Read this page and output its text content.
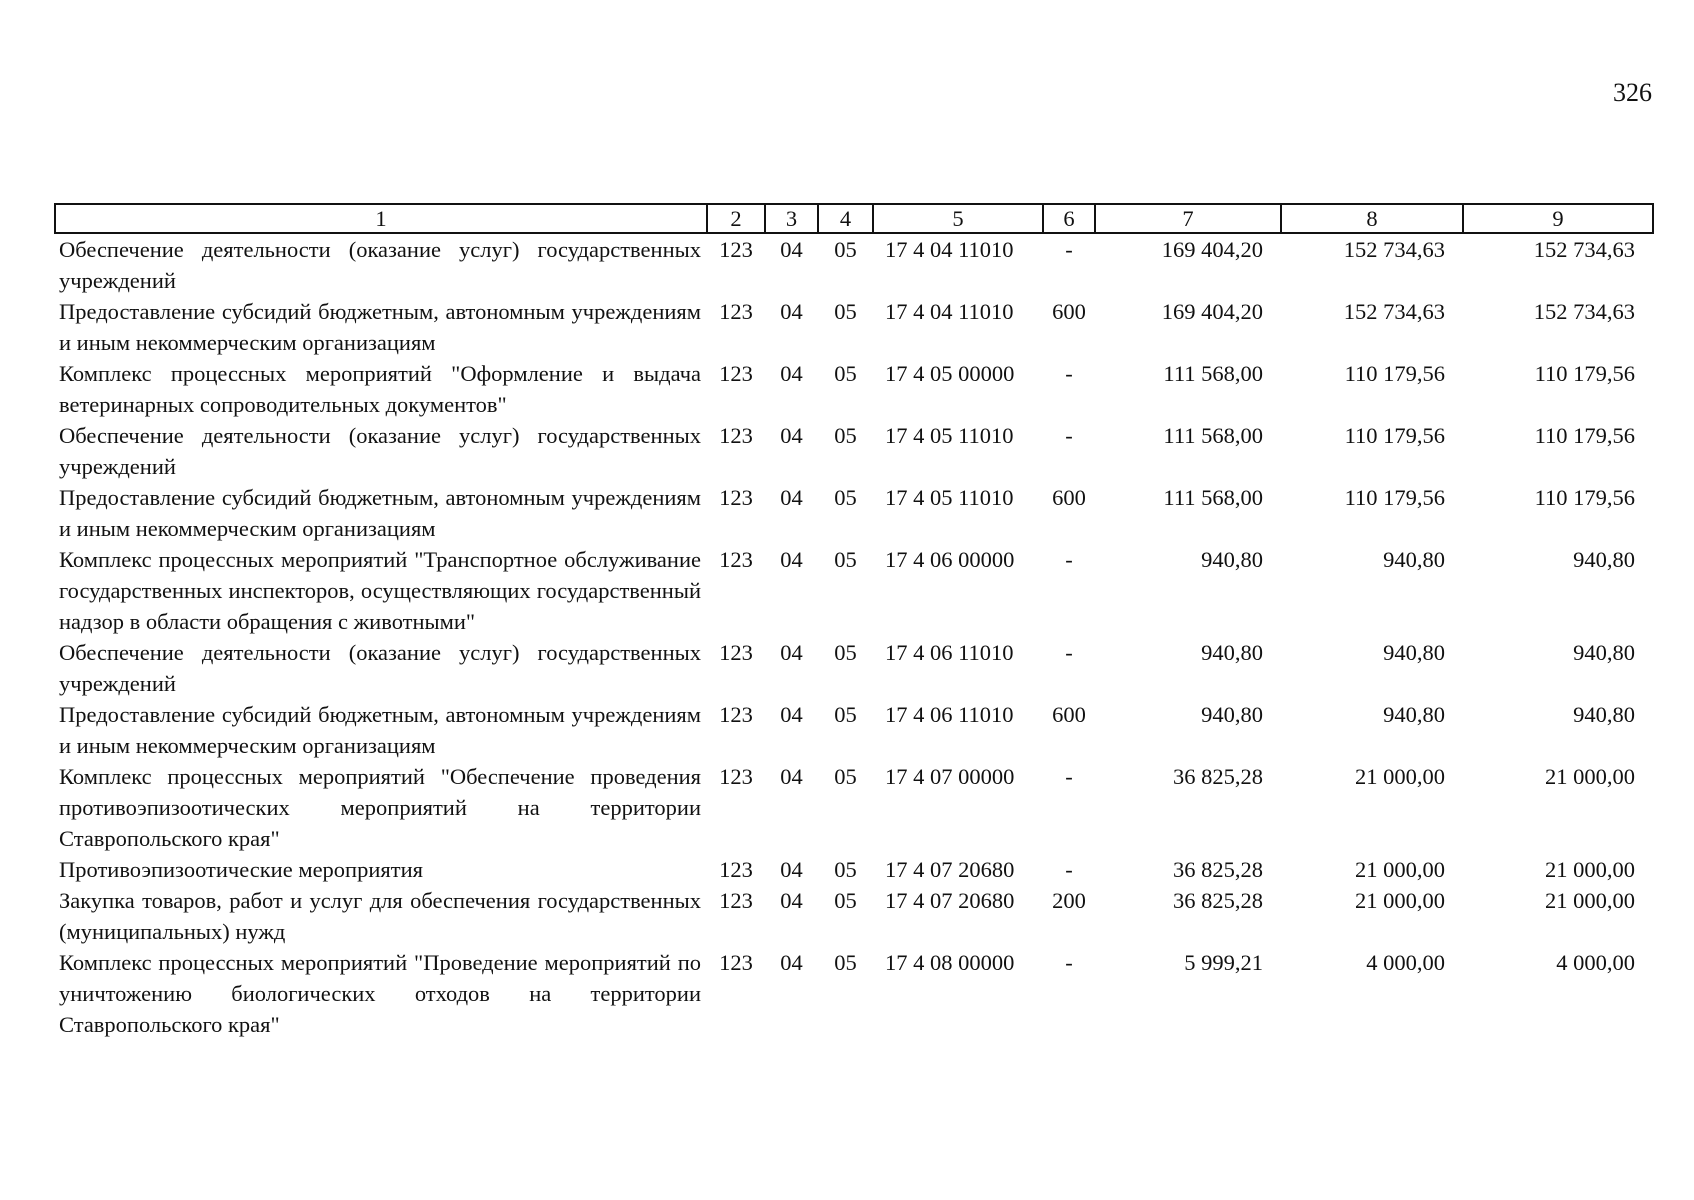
326
1	2	3	4	5	6	7	8	9
Обеспечение деятельности (оказание услуг) государственных учреждений	123	04	05	17 4 04 11010	-	169 404,20	152 734,63	152 734,63
Предоставление субсидий бюджетным, автономным учреждениям и иным некоммерческим организациям	123	04	05	17 4 04 11010	600	169 404,20	152 734,63	152 734,63
Комплекс процессных мероприятий "Оформление и выдача ветеринарных сопроводительных документов"	123	04	05	17 4 05 00000	-	111 568,00	110 179,56	110 179,56
Обеспечение деятельности (оказание услуг) государственных учреждений	123	04	05	17 4 05 11010	-	111 568,00	110 179,56	110 179,56
Предоставление субсидий бюджетным, автономным учреждениям и иным некоммерческим организациям	123	04	05	17 4 05 11010	600	111 568,00	110 179,56	110 179,56
Комплекс процессных мероприятий "Транспортное обслуживание государственных инспекторов, осуществляющих государственный надзор в области обращения с животными"	123	04	05	17 4 06 00000	-	940,80	940,80	940,80
Обеспечение деятельности (оказание услуг) государственных учреждений	123	04	05	17 4 06 11010	-	940,80	940,80	940,80
Предоставление субсидий бюджетным, автономным учреждениям и иным некоммерческим организациям	123	04	05	17 4 06 11010	600	940,80	940,80	940,80
Комплекс процессных мероприятий "Обеспечение проведения противоэпизоотических мероприятий на территории Ставропольского края"	123	04	05	17 4 07 00000	-	36 825,28	21 000,00	21 000,00
Противоэпизоотические мероприятия	123	04	05	17 4 07 20680	-	36 825,28	21 000,00	21 000,00
Закупка товаров, работ и услуг для обеспечения государственных (муниципальных) нужд	123	04	05	17 4 07 20680	200	36 825,28	21 000,00	21 000,00
Комплекс процессных мероприятий "Проведение мероприятий по уничтожению биологических отходов на территории Ставропольского края"	123	04	05	17 4 08 00000	-	5 999,21	4 000,00	4 000,00
